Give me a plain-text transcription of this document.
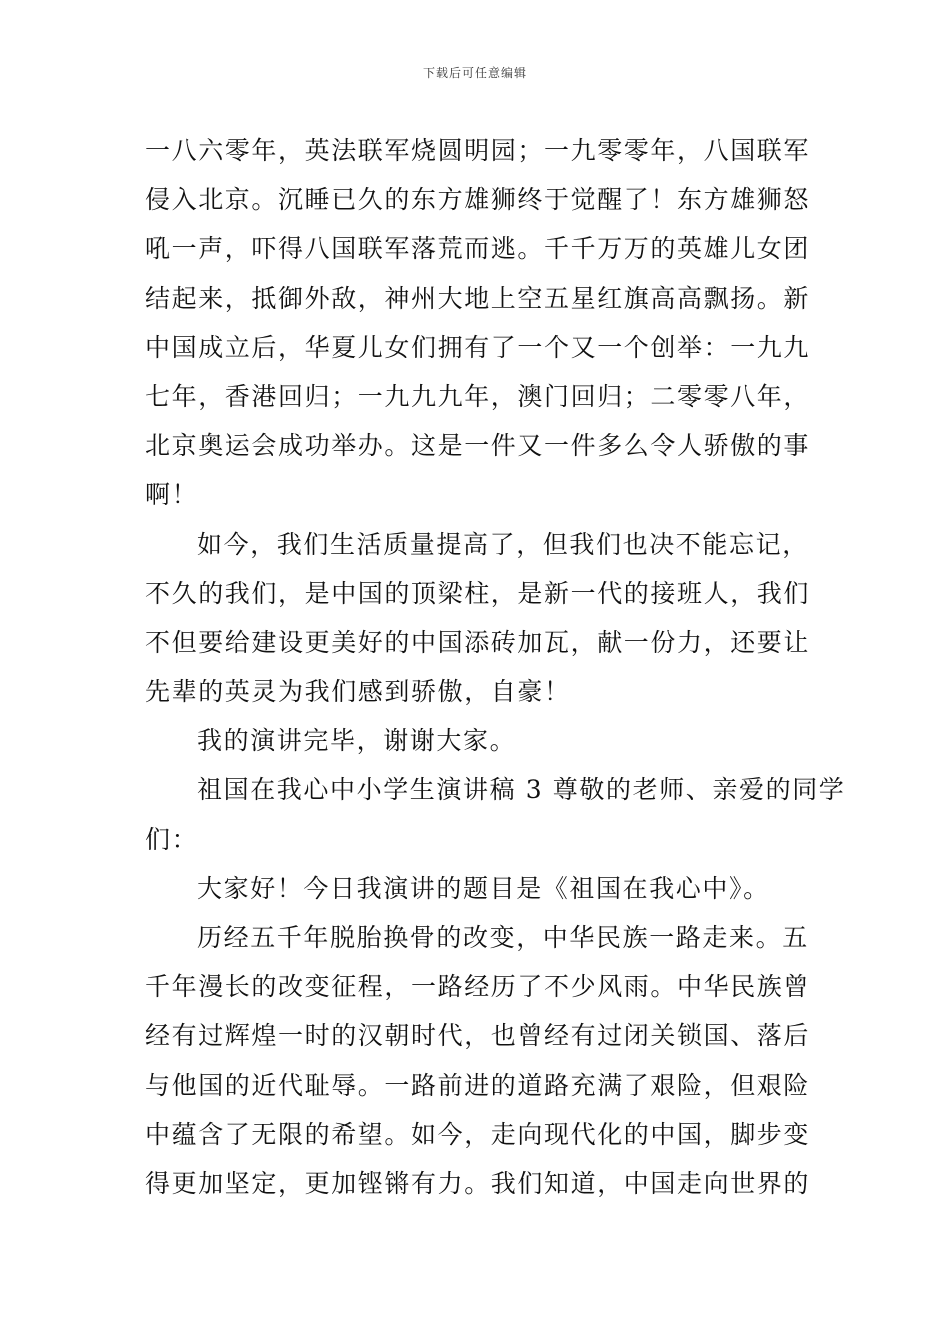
下载后可任意编辑
一八六零年，英法联军烧圆明园；一九零零年，八国联军
侵入北京。沉睡已久的东方雄狮终于觉醒了！东方雄狮怒
吼一声，吓得八国联军落荒而逃。千千万万的英雄儿女团
结起来，抵御外敌，神州大地上空五星红旗高高飘扬。新
中国成立后，华夏儿女们拥有了一个又一个创举：一九九
七年，香港回归；一九九九年，澳门回归；二零零八年，
北京奥运会成功举办。这是一件又一件多么令人骄傲的事
啊！
如今，我们生活质量提高了，但我们也决不能忘记，
不久的我们，是中国的顶梁柱，是新一代的接班人，我们
不但要给建设更美好的中国添砖加瓦，献一份力，还要让
先辈的英灵为我们感到骄傲，自豪！
我的演讲完毕，谢谢大家。
祖国在我心中小学生演讲稿 3 尊敬的老师、亲爱的同学
们：
大家好！今日我演讲的题目是《祖国在我心中》。
历经五千年脱胎换骨的改变，中华民族一路走来。五
千年漫长的改变征程，一路经历了不少风雨。中华民族曾
经有过辉煌一时的汉朝时代，也曾经有过闭关锁国、落后
与他国的近代耻辱。一路前进的道路充满了艰险，但艰险
中蕴含了无限的希望。如今，走向现代化的中国，脚步变
得更加坚定，更加铿锵有力。我们知道，中国走向世界的
